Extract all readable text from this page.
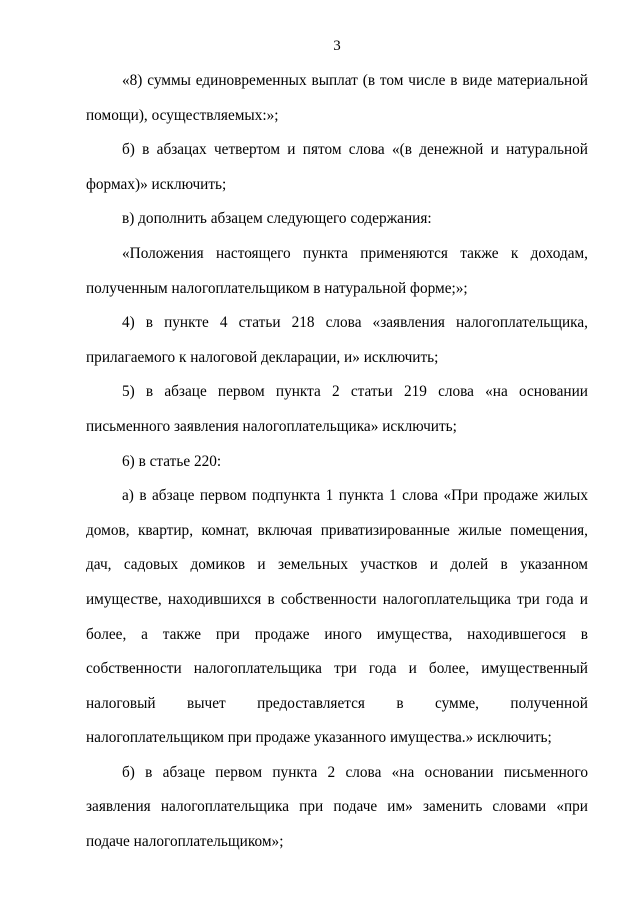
3

«8) суммы единовременных выплат (в том числе в виде материальной помощи), осуществляемых:»;

б) в абзацах четвертом и пятом слова «(в денежной и натуральной формах)» исключить;

в) дополнить абзацем следующего содержания:

«Положения настоящего пункта применяются также к доходам, полученным налогоплательщиком в натуральной форме;»;

4) в пункте 4 статьи 218 слова «заявления налогоплательщика, прилагаемого к налоговой декларации, и» исключить;

5) в абзаце первом пункта 2 статьи 219 слова «на основании письменного заявления налогоплательщика» исключить;

6) в статье 220:

а) в абзаце первом подпункта 1 пункта 1 слова «При продаже жилых домов, квартир, комнат, включая приватизированные жилые помещения, дач, садовых домиков и земельных участков и долей в указанном имуществе, находившихся в собственности налогоплательщика три года и более, а также при продаже иного имущества, находившегося в собственности налогоплательщика три года и более, имущественный налоговый вычет предоставляется в сумме, полученной налогоплательщиком при продаже указанного имущества.» исключить;

б) в абзаце первом пункта 2 слова «на основании письменного заявления налогоплательщика при подаче им» заменить словами «при подаче налогоплательщиком»;
